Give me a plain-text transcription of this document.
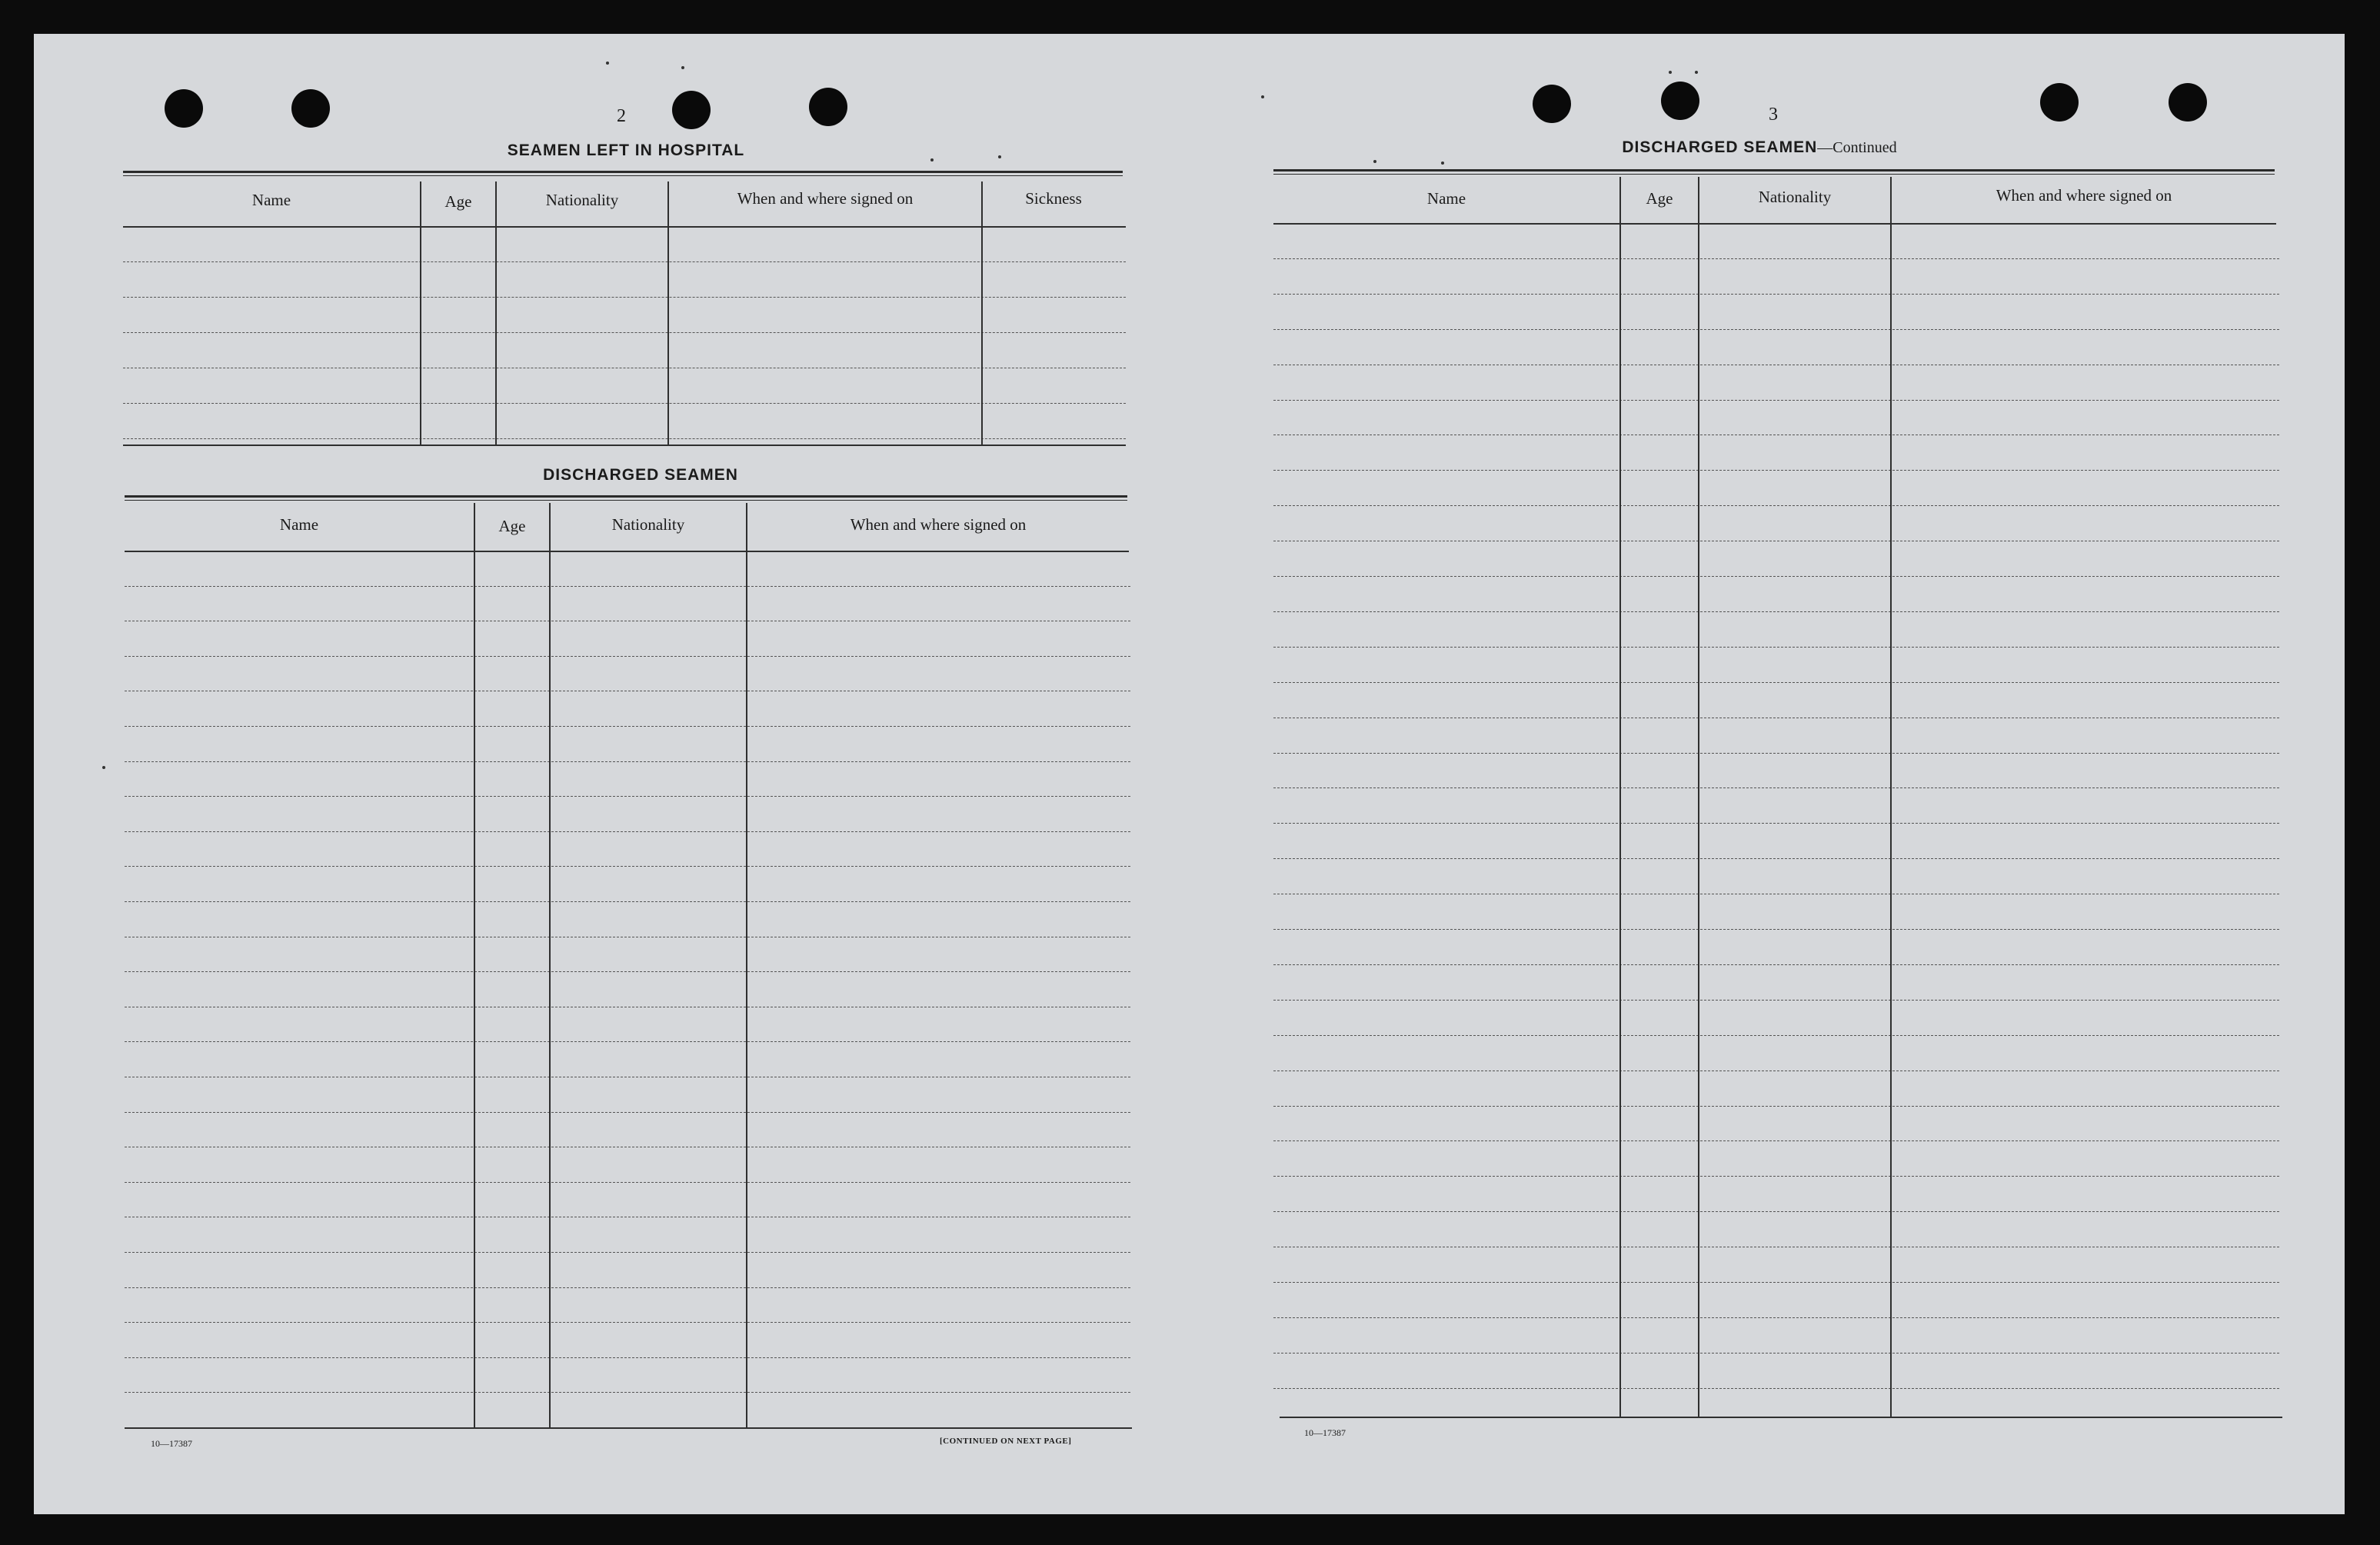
2
SEAMEN LEFT IN HOSPITAL
Name	Age	Nationality	When and where signed on	Sickness
DISCHARGED SEAMEN
Name	Age	Nationality	When and where signed on
10—17387	[CONTINUED ON NEXT PAGE]
3
DISCHARGED SEAMEN—Continued
Name	Age	Nationality	When and where signed on
10—17387
